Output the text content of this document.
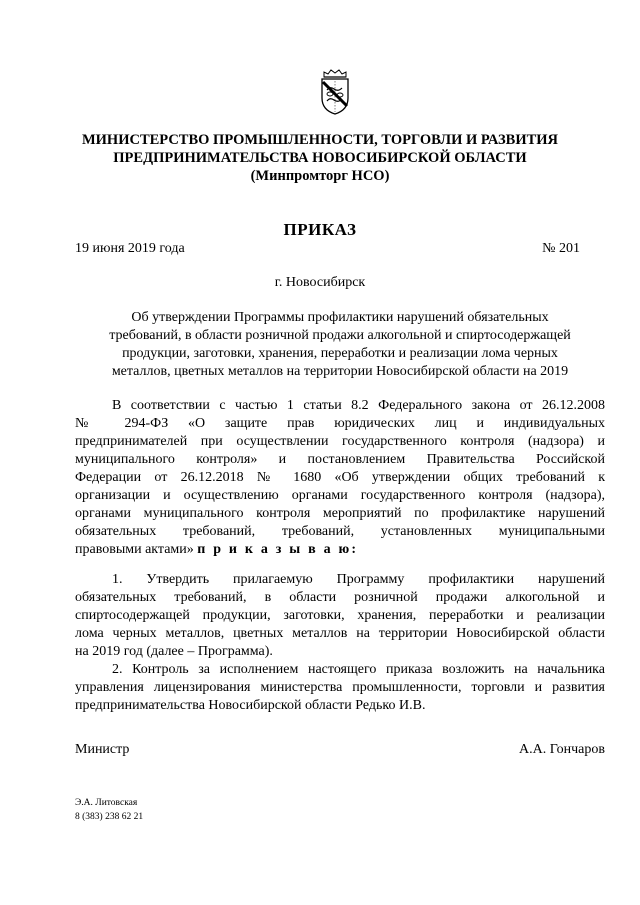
МИНИСТЕРСТВО ПРОМЫШЛЕННОСТИ, ТОРГОВЛИ И РАЗВИТИЯ
ПРЕДПРИНИМАТЕЛЬСТВА НОВОСИБИРСКОЙ ОБЛАСТИ
(Минпромторг НСО)
ПРИКАЗ
19 июня 2019 года	№ 201
г. Новосибирск
Об утверждении Программы профилактики нарушений обязательных
требований, в области розничной продажи алкогольной и спиртосодержащей
продукции, заготовки, хранения, переработки и реализации лома черных
металлов, цветных металлов на территории Новосибирской области на 2019
В соответствии с частью 1 статьи 8.2 Федерального закона от 26.12.2008
№ 294-ФЗ «О защите прав юридических лиц и индивидуальных
предпринимателей при осуществлении государственного контроля (надзора) и
муниципального контроля» и постановлением Правительства Российской
Федерации от 26.12.2018 № 1680 «Об утверждении общих требований к
организации и осуществлению органами государственного контроля (надзора),
органами муниципального контроля мероприятий по профилактике нарушений
обязательных требований, требований, установленных муниципальными
правовыми актами» п р и к а з ы в а ю:
1. Утвердить прилагаемую Программу профилактики нарушений
обязательных требований, в области розничной продажи алкогольной и
спиртосодержащей продукции, заготовки, хранения, переработки и реализации
лома черных металлов, цветных металлов на территории Новосибирской области
на 2019 год (далее – Программа).
2. Контроль за исполнением настоящего приказа возложить на начальника
управления лицензирования министерства промышленности, торговли и развития
предпринимательства Новосибирской области Редько И.В.
Министр	А.А. Гончаров
Э.А. Литовская
8 (383) 238 62 21
